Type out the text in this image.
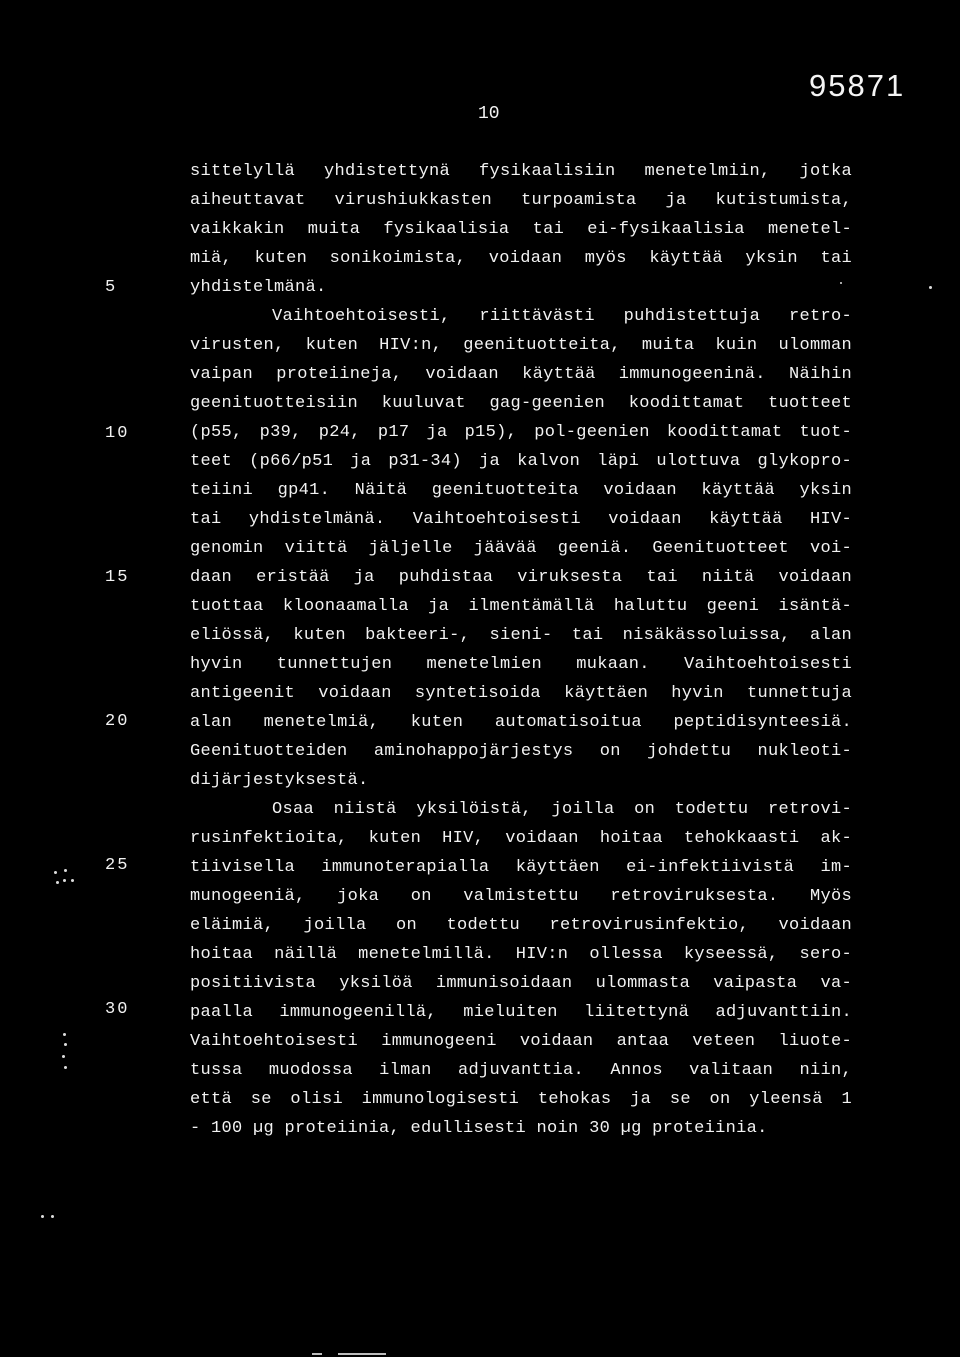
95871
10
5
10
15
20
25
30
sittelyllä yhdistettynä fysikaalisiin menetelmiin, jotka
aiheuttavat virushiukkasten turpoamista ja kutistumista,
vaikkakin muita fysikaalisia tai ei-fysikaalisia menetel-
miä, kuten sonikoimista, voidaan myös käyttää yksin tai
yhdistelmänä.
Vaihtoehtoisesti, riittävästi puhdistettuja retro-
virusten, kuten HIV:n, geenituotteita, muita kuin ulomman
vaipan proteiineja, voidaan käyttää immunogeeninä. Näihin
geenituotteisiin kuuluvat gag-geenien koodittamat tuotteet
(p55, p39, p24, p17 ja p15), pol-geenien koodittamat tuot-
teet (p66/p51 ja p31-34) ja kalvon läpi ulottuva glykopro-
teiini gp41. Näitä geenituotteita voidaan käyttää yksin
tai yhdistelmänä. Vaihtoehtoisesti voidaan käyttää HIV-
genomin viittä jäljelle jäävää geeniä. Geenituotteet voi-
daan eristää ja puhdistaa viruksesta tai niitä voidaan
tuottaa kloonaamalla ja ilmentämällä haluttu geeni isäntä-
eliössä, kuten bakteeri-, sieni- tai nisäkässoluissa, alan
hyvin tunnettujen menetelmien mukaan. Vaihtoehtoisesti
antigeenit voidaan syntetisoida käyttäen hyvin tunnettuja
alan menetelmiä, kuten automatisoitua peptidisynteesiä.
Geenituotteiden aminohappojärjestys on johdettu nukleoti-
dijärjestyksestä.
Osaa niistä yksilöistä, joilla on todettu retrovi-
rusinfektioita, kuten HIV, voidaan hoitaa tehokkaasti ak-
tiivisella immunoterapialla käyttäen ei-infektiivistä im-
munogeeniä, joka on valmistettu retroviruksesta. Myös
eläimiä, joilla on todettu retrovirusinfektio, voidaan
hoitaa näillä menetelmillä. HIV:n ollessa kyseessä, sero-
positiivista yksilöä immunisoidaan ulommasta vaipasta va-
paalla immunogeenillä, mieluiten liitettynä adjuvanttiin.
Vaihtoehtoisesti immunogeeni voidaan antaa veteen liuote-
tussa muodossa ilman adjuvanttia. Annos valitaan niin,
että se olisi immunologisesti tehokas ja se on yleensä 1
- 100 µg proteiinia, edullisesti noin 30 µg proteiinia.
